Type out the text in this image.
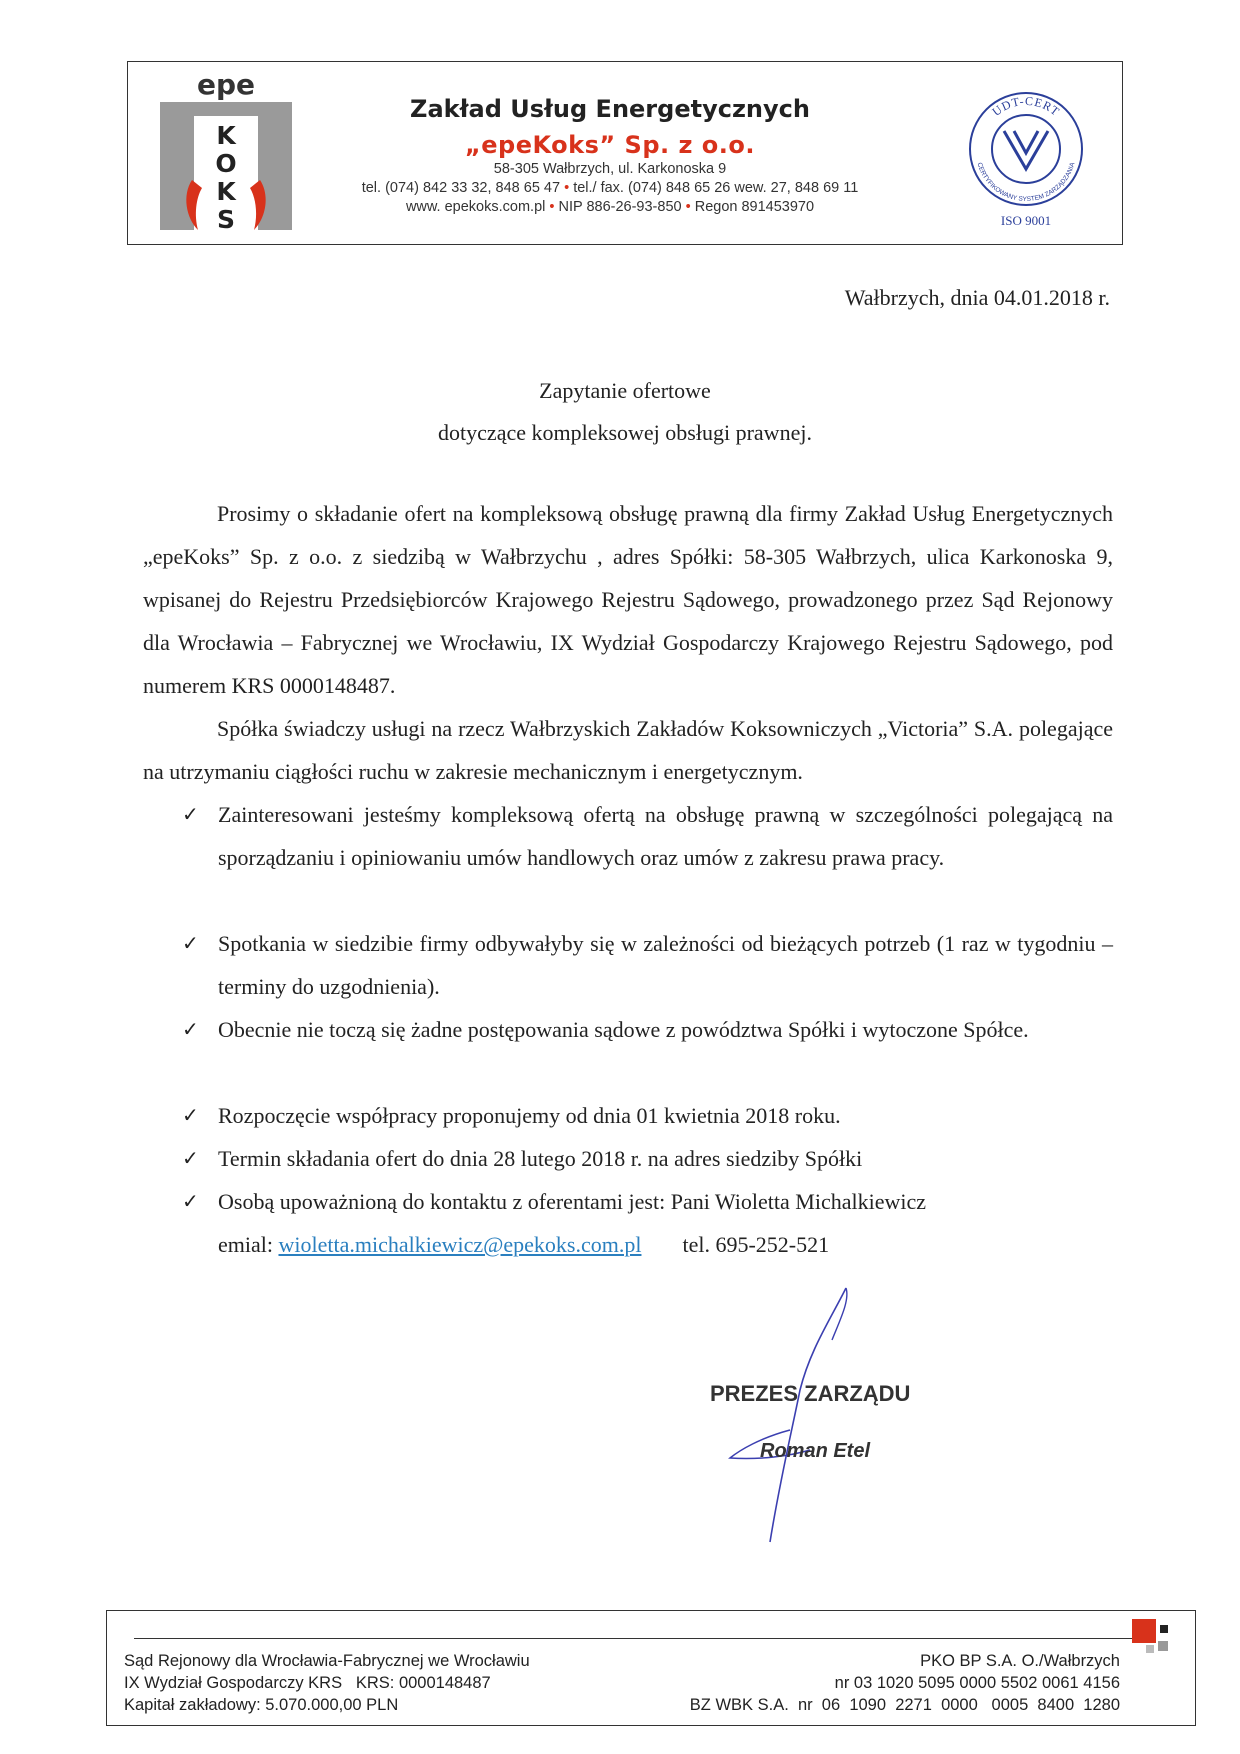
epe
K
O
K
S
Zakład Usług Energetycznych
„epeKoks” Sp. z o.o.
58-305 Wałbrzych, ul. Karkonoska 9
tel. (074) 842 33 32, 848 65 47 • tel./ fax. (074) 848 65 26 wew. 27, 848 69 11
www. epekoks.com.pl • NIP 886-26-93-850 • Regon 891453970
UDT-CERT
CERTYFIKOWANY SYSTEM ZARZĄDZANIA
ISO 9001
Wałbrzych, dnia 04.01.2018 r.
Zapytanie ofertowe
dotyczące kompleksowej obsługi prawnej.
Prosimy o składanie ofert na kompleksową obsługę prawną dla firmy Zakład Usług Energetycznych „epeKoks” Sp. z o.o. z siedzibą w Wałbrzychu , adres Spółki: 58-305 Wałbrzych, ulica Karkonoska 9, wpisanej do Rejestru Przedsiębiorców Krajowego Rejestru Sądowego, prowadzonego przez Sąd Rejonowy dla Wrocławia – Fabrycznej we Wrocławiu, IX Wydział Gospodarczy Krajowego Rejestru Sądowego, pod numerem KRS 0000148487.
Spółka świadczy usługi na rzecz Wałbrzyskich Zakładów Koksowniczych „Victoria” S.A. polegające na utrzymaniu ciągłości ruchu w zakresie mechanicznym i energetycznym.
✓ Zainteresowani jesteśmy kompleksową ofertą na obsługę prawną w szczególności polegającą na sporządzaniu i opiniowaniu umów handlowych oraz umów z zakresu prawa pracy.
✓ Spotkania w siedzibie firmy odbywałyby się w zależności od bieżących potrzeb (1 raz w tygodniu – terminy do uzgodnienia).
✓ Obecnie nie toczą się żadne postępowania sądowe z powództwa Spółki i wytoczone Spółce.
✓ Rozpoczęcie współpracy proponujemy od dnia 01 kwietnia 2018 roku.
✓ Termin składania ofert do dnia 28 lutego 2018 r. na adres siedziby Spółki
✓ Osobą upoważnioną do kontaktu z oferentami jest: Pani Wioletta Michalkiewicz
emial: wioletta.michalkiewicz@epekoks.com.pl tel. 695-252-521
PREZES ZARZĄDU
Roman Etel
Sąd Rejonowy dla Wrocławia-Fabrycznej we Wrocławiu
IX Wydział Gospodarczy KRS   KRS: 0000148487
Kapitał zakładowy: 5.070.000,00 PLN
PKO BP S.A. O./Wałbrzych
nr 03 1020 5095 0000 5502 0061 4156
BZ WBK S.A.  nr  06  1090  2271  0000   0005  8400  1280
